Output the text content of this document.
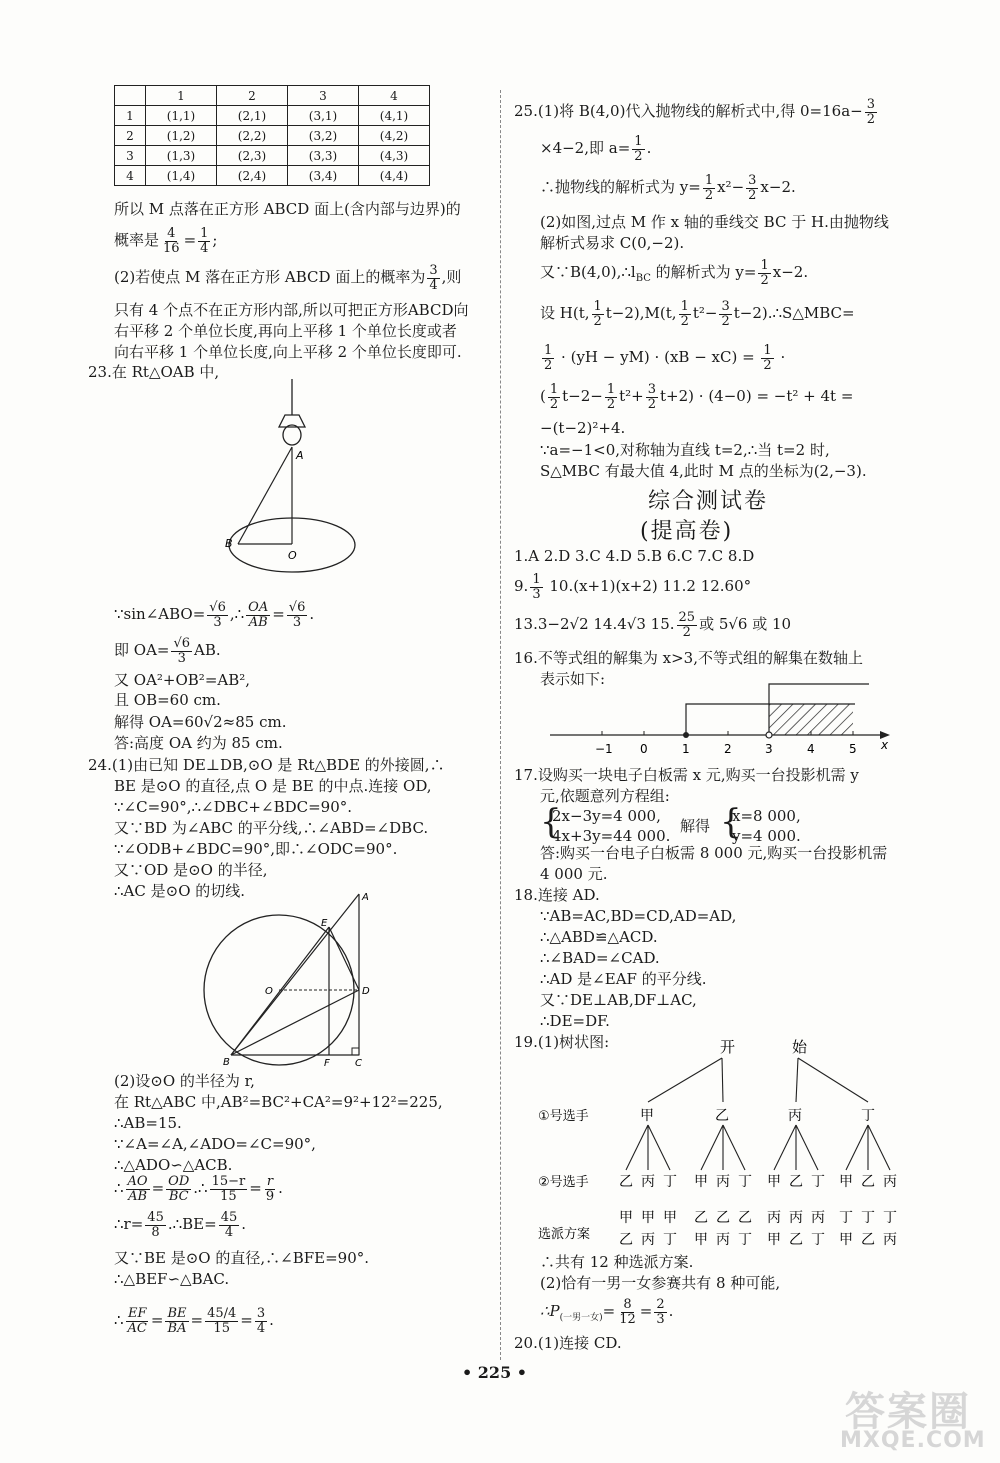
	1	2	3	4
1	(1,1)	(2,1)	(3,1)	(4,1)
2	(1,2)	(2,2)	(3,2)	(4,2)
3	(1,3)	(2,3)	(3,3)	(4,3)
4	(1,4)	(2,4)	(3,4)	(4,4)
所以 M 点落在正方形 ABCD 面上(含内部与边界)的
概率是 $\frac{4}{16} = \frac{1}{4}$ ;
(2)若使点 M 落在正方形 ABCD 面上的概率为 $\frac{3}{4}$ ,则
只有 4 个点不在正方形内部,所以可把正方形ABCD向
右平移 2 个单位长度,再向上平移 1 个单位长度或者
向右平移 1 个单位长度,向上平移 2 个单位长度即可.
23.在 Rt△OAB 中,
A
B
O
∵sin∠ABO= $\frac{√6}{3}$ ,∴ $\frac{OA}{AB} = \frac{√6}{3}$ .
即 $OA= \frac{√6}{3}$ AB.
又 OA²+OB²=AB²,
且 OB=60 cm.
解得 OA=60√2≈85 cm.
答:高度 OA 约为 85 cm.
24.(1)由已知 DE⊥DB,⊙O 是 Rt△BDE 的外接圆,∴
BE 是⊙O 的直径,点 O 是 BE 的中点.连接 OD,
∵∠C=90°,∴∠DBC+∠BDC=90°.
又∵BD 为∠ABC 的平分线,∴∠ABD=∠DBC.
∵∠ODB+∠BDC=90°,即∴∠ODC=90°.
又∵OD 是⊙O 的半径,
∴AC 是⊙O 的切线.	A
E
O	D
B	F	C
(2)设⊙O 的半径为 r,
在 Rt△ABC 中,AB²=BC²+CA²=9²+12²=225,
∴AB=15.
∵∠A=∠A,∠ADO=∠C=90°,
∴△ADO∽△ACB.
∴ $\frac{AO}{AB} = \frac{OD}{BC}$ .∴ $\frac{15-r}{15} = \frac{r}{9}$ .
∴r= $\frac{45}{8}$ .∴BE= $\frac{45}{4}$ .
又∵BE 是⊙O 的直径,∴∠BFE=90°.
∴△BEF∽△BAC.
∴ $\frac{EF}{AC} = \frac{BE}{BA} = \frac{45/4}{15} = \frac{3}{4}$ .
25.(1)将 B(4,0)代入抛物线的解析式中,得 $0=16a- \frac{3}{2}$
×4−2,即 $a= \frac{1}{2}$ .
∴抛物线的解析式为 $y= \frac{1}{2} x^2- \frac{3}{2} x-2$.
(2)如图,过点 M 作 x 轴的垂线交 BC 于 H.由抛物线
解析式易求 C(0,−2).
又$\because B(4,0),\therefore l_{BC}$ 的解析式为 $y= \frac{1}{2} x-2$.
设 H(t, $\frac{1}{2} t-2),M(t$, $\frac{1}{2} t^2- \frac{3}{2}$ t−2).∴S△MBC=
$\frac{1}{2} \cdot (yH - yM) \cdot (xB - xC) = \frac{1}{2}$ ·
( $\frac{1}{2} t-2- \frac{1}{2} t^2+ \frac{3}{2} t+2) \cdot (4-0) = -t^2 + 4t$ =
−(t−2)²+4.
∵a=−1<0,对称轴为直线 t=2,∴当 t=2 时,
S△MBC 有最大值 4,此时 M 点的坐标为(2,−3).
综合测试卷
(提高卷)
1.A 2.D 3.C 4.D 5.B 6.C 7.C 8.D
9. $\frac{1}{3} 10.(x+1)(x+2)$ 11.2 12.60°
13.3−2√2 14.4√3 15. $\frac{25}{2}$ 或 5√6 或 10
16.不等式组的解集为 x>3,不等式组的解集在数轴上
表示如下:
−1 0	1	2	3	4	5 x
17.设购买一块电子白板需 x 元,购买一台投影机需 y
元,依题意列方程组:
{
2x−3y=4 000,
4x+3y=44 000.
解得 {
x=8 000,
y=4 000.
答:购买一台电子白板需 8 000 元,购买一台投影机需
4 000 元.
18.连接 AD.
∵AB=AC,BD=CD,AD=AD,
∴△ABD≌△ACD.
∴∠BAD=∠CAD.
∴AD 是∠EAF 的平分线.
又∵DE⊥AB,DF⊥AC,
∴DE=DF.
19.(1)树状图:	开	始
①号选手	甲	乙	丙	丁
②号选手 乙 丙 丁 甲 丙 丁 甲 乙 丁 甲 乙 丙
选派方案
甲 甲 甲 乙 乙 乙 丙 丙 丙 丁 丁 丁
乙 丙 丁 甲 丙 丁 甲 乙 丁 甲 乙 丙
∴共有 12 种选派方案.
(2)恰有一男一女参赛共有 8 种可能,
$\therefore P_{(一男一女)}= \frac{8}{12} = \frac{2}{3}$ .
20.(1)连接 CD.
• 225 •
答案圈
MXQE.COM
